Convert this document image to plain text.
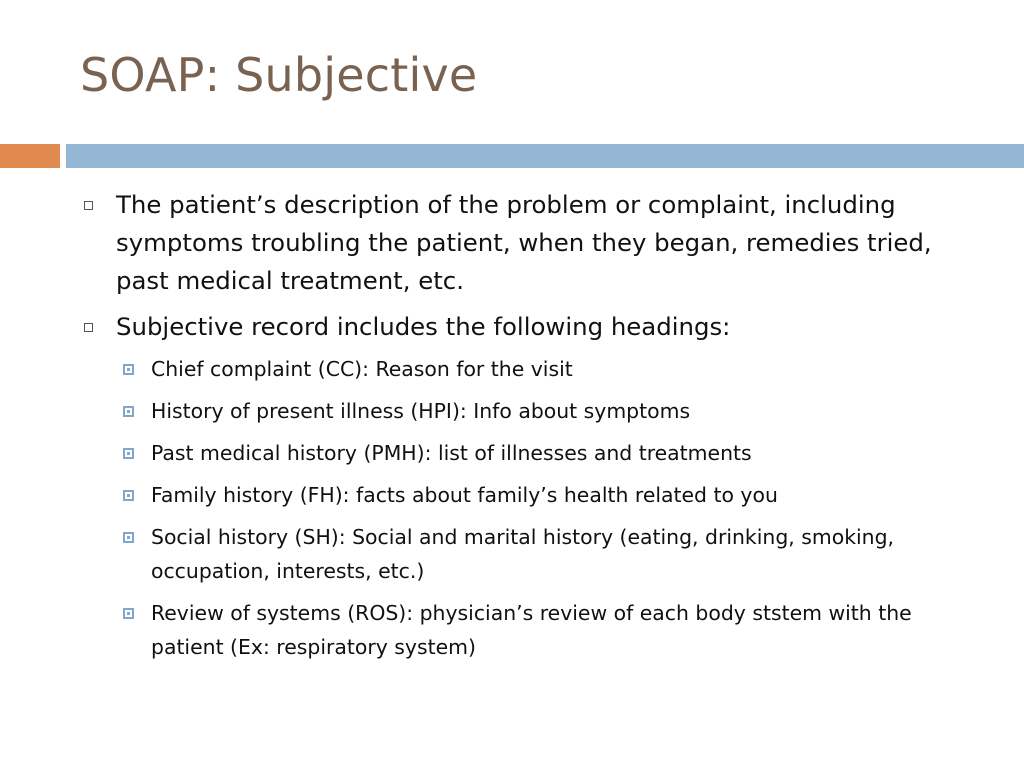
SOAP: Subjective
The patient’s description of the problem or complaint, including symptoms troubling the patient, when they began, remedies tried, past medical treatment, etc.
Subjective record includes the following headings:
Chief complaint (CC): Reason for the visit
History of present illness (HPI): Info about symptoms
Past medical history (PMH): list of illnesses and treatments
Family history (FH): facts about family’s health related to you
Social history (SH): Social and marital history (eating, drinking, smoking, occupation, interests, etc.)
Review of systems (ROS): physician’s review of each body ststem with the patient (Ex: respiratory system)
